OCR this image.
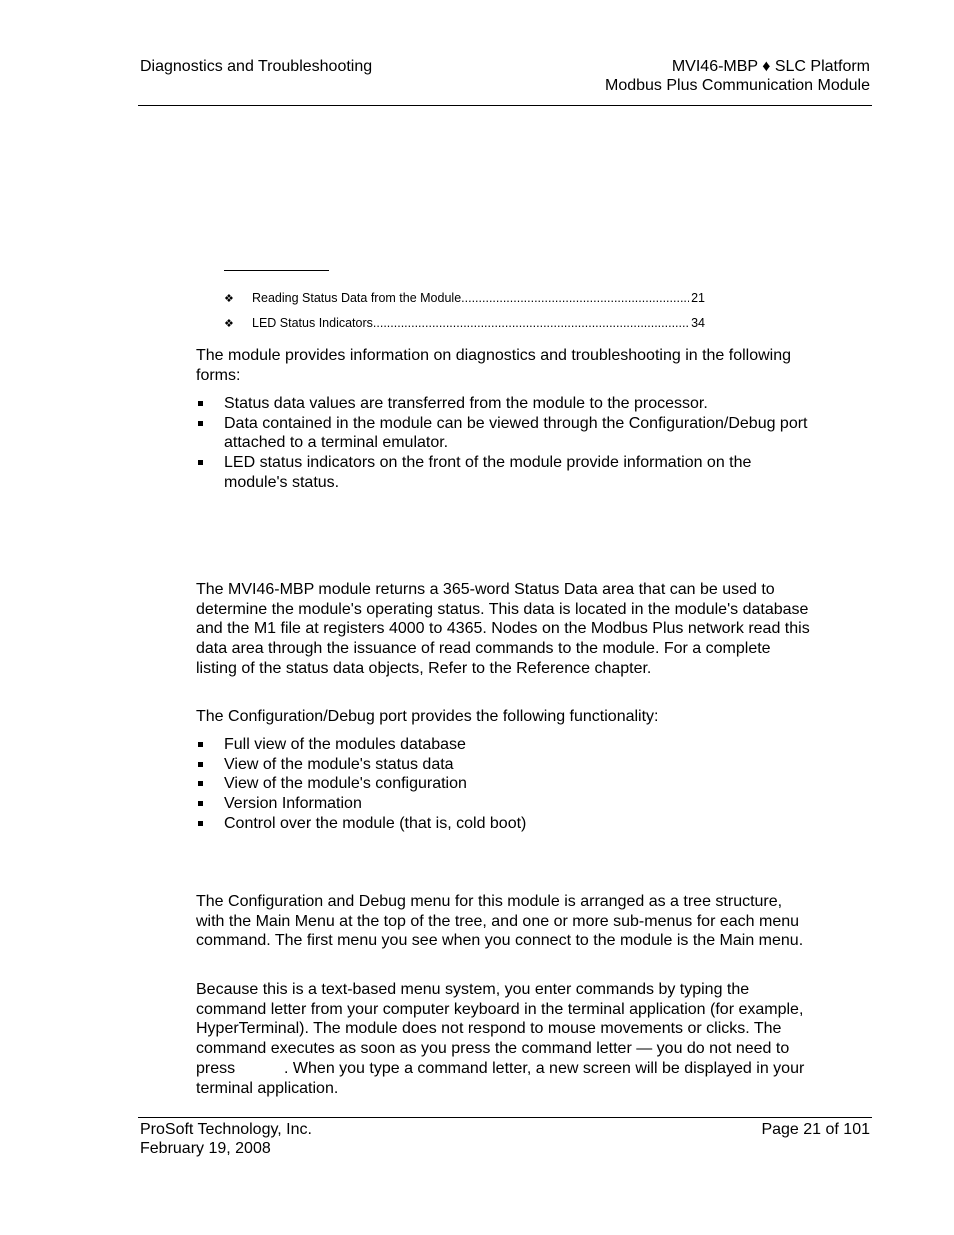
Diagnostics and Troubleshooting	MVI46-MBP ♦ SLC Platform
Modbus Plus Communication Module
❖	Reading Status Data from the Module .....	21
❖	LED Status Indicators .....	34
The module provides information on diagnostics and troubleshooting in the following forms:
Status data values are transferred from the module to the processor.
Data contained in the module can be viewed through the Configuration/Debug port attached to a terminal emulator.
LED status indicators on the front of the module provide information on the module's status.
The MVI46-MBP module returns a 365-word Status Data area that can be used to determine the module's operating status. This data is located in the module's database and the M1 file at registers 4000 to 4365. Nodes on the Modbus Plus network read this data area through the issuance of read commands to the module. For a complete listing of the status data objects, Refer to the Reference chapter.
The Configuration/Debug port provides the following functionality:
Full view of the modules database
View of the module's status data
View of the module's configuration
Version Information
Control over the module (that is, cold boot)
The Configuration and Debug menu for this module is arranged as a tree structure, with the Main Menu at the top of the tree, and one or more sub-menus for each menu command. The first menu you see when you connect to the module is the Main menu.
Because this is a text-based menu system, you enter commands by typing the command letter from your computer keyboard in the terminal application (for example, HyperTerminal). The module does not respond to mouse movements or clicks. The command executes as soon as you press the command letter — you do not need to press           . When you type a command letter, a new screen will be displayed in your terminal application.
ProSoft Technology, Inc.
February 19, 2008
Page 21 of 101
